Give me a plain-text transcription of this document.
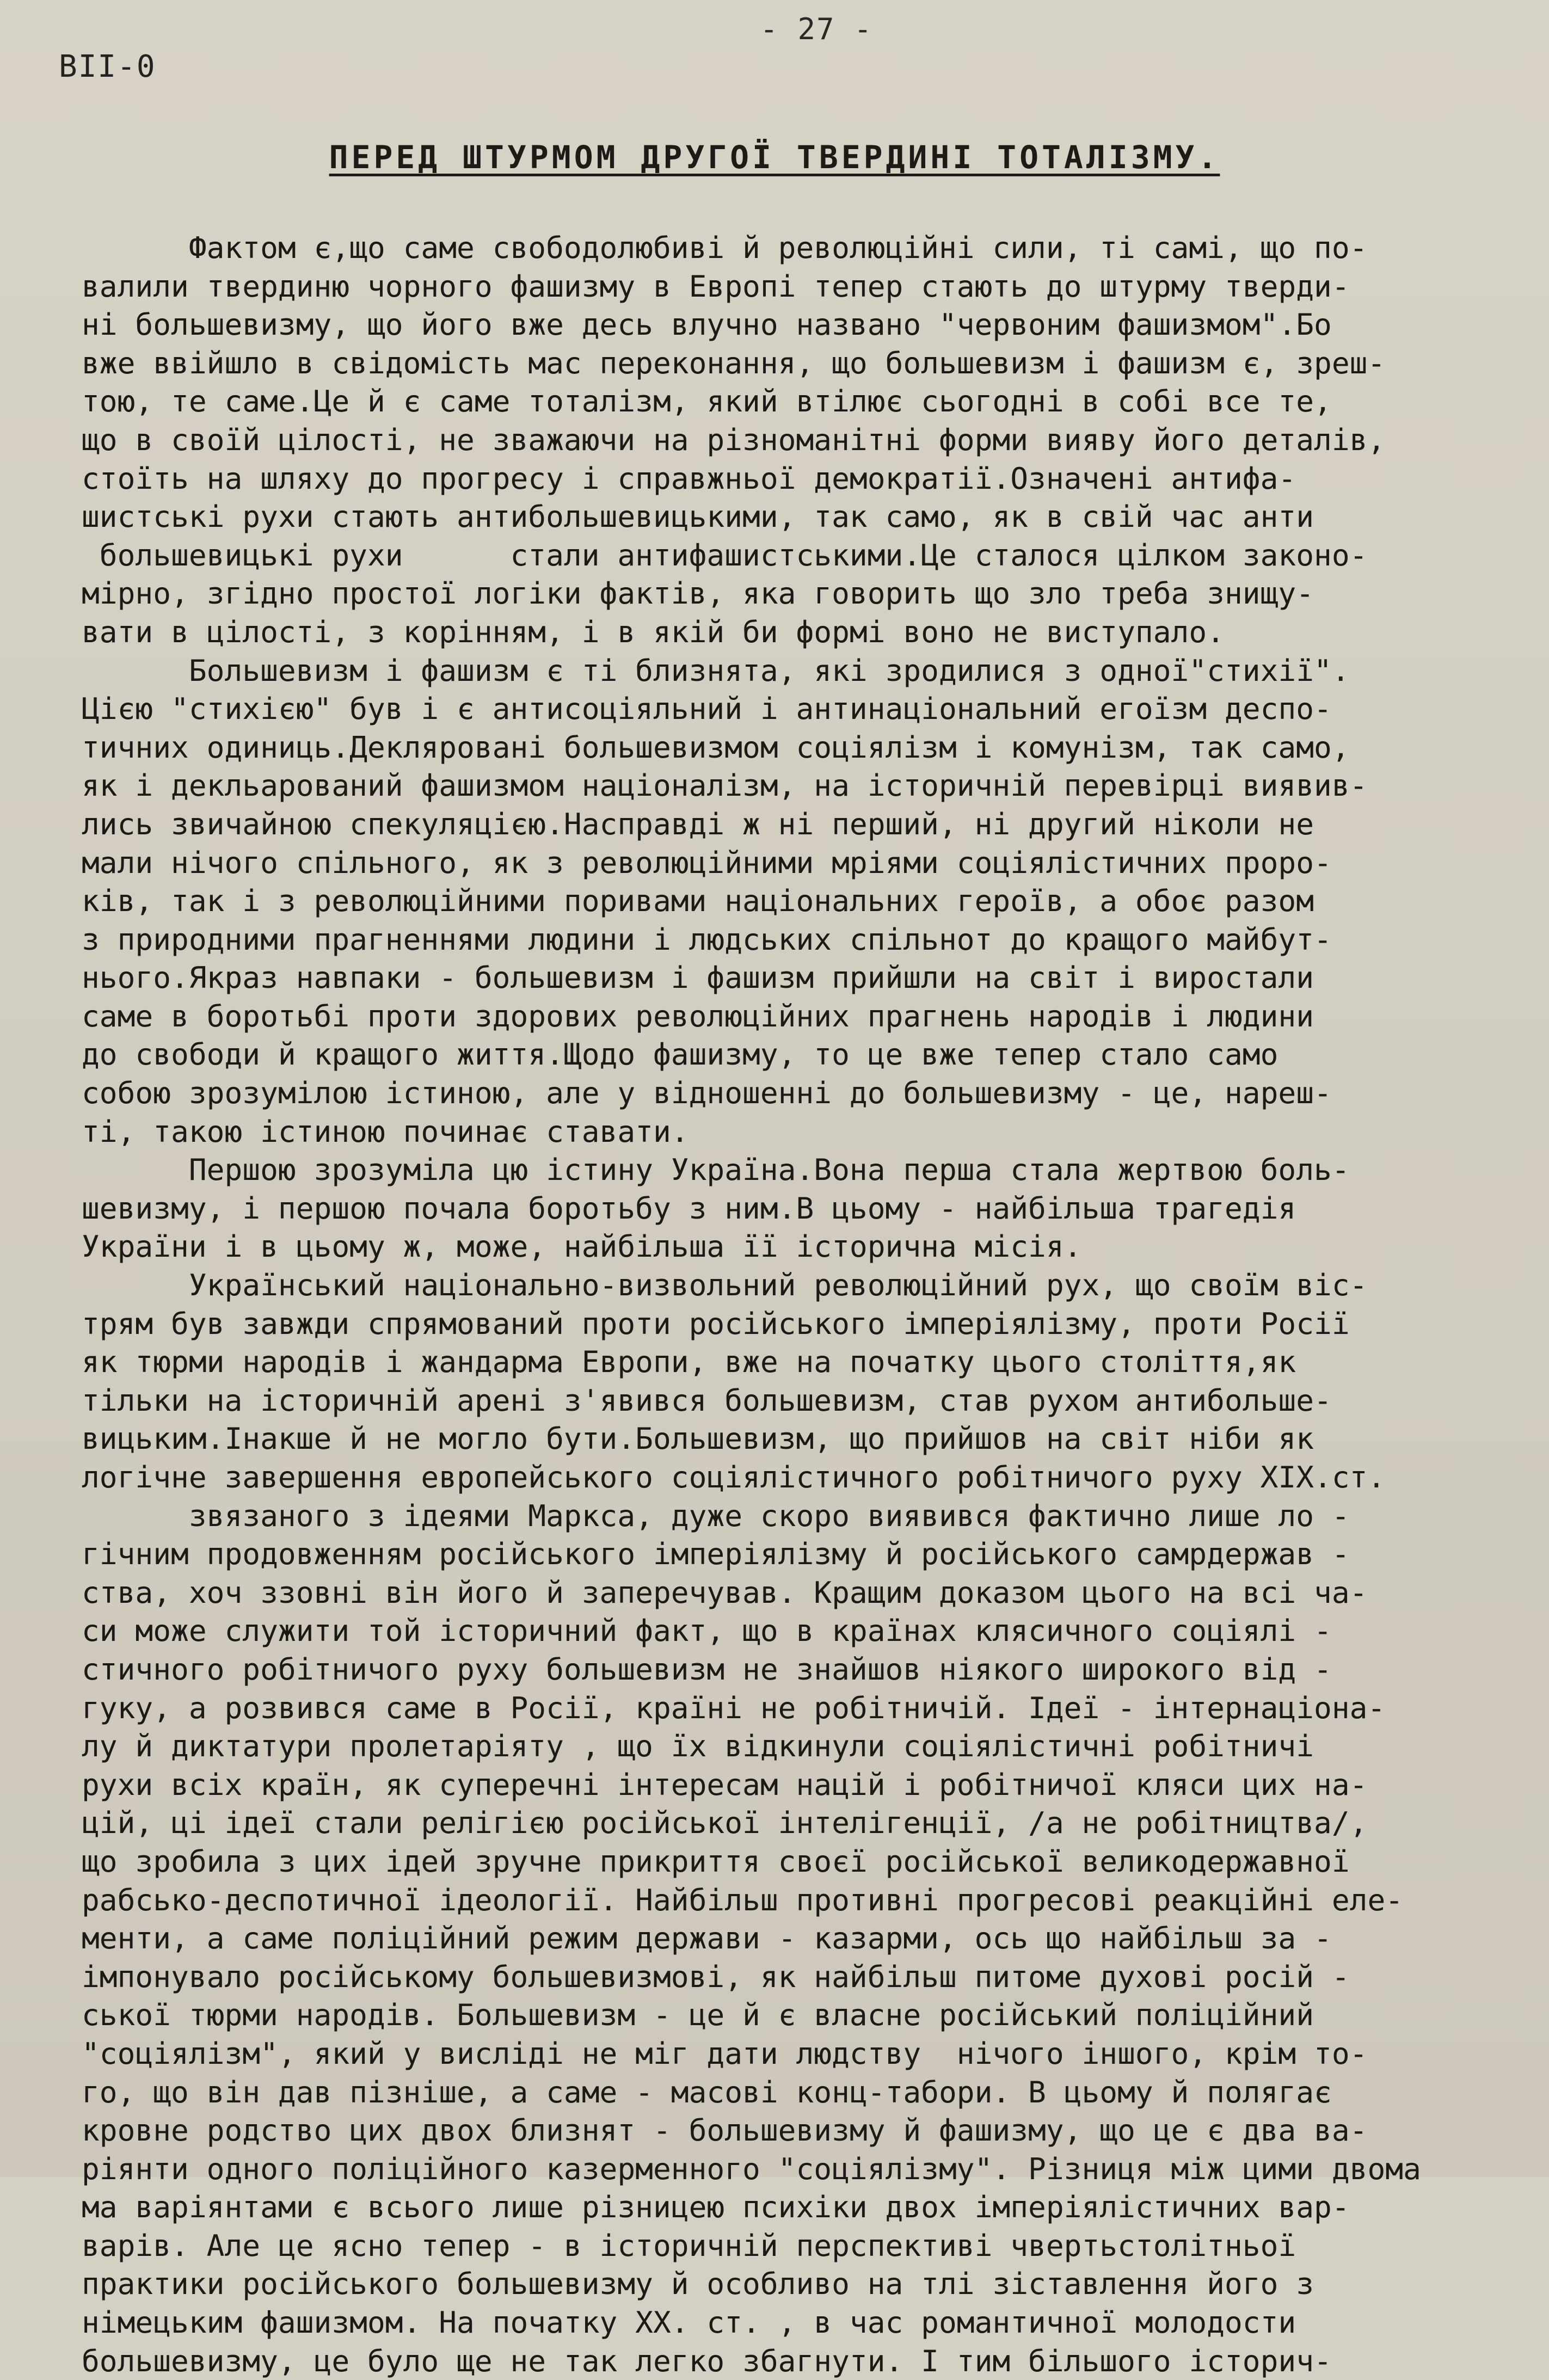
- 27 -
ВІІ-0
ПЕРЕД ШТУРМОМ ДРУГОЇ ТВЕРДИНІ ТОТАЛІЗМУ.
Фактом є,що саме свободолюбиві й революційні сили, ті самі, що по-
валили твердиню чорного фашизму в Европі тепер стають до штурму тверди-
ні большевизму, що його вже десь влучно названо "червоним фашизмом".Бо
вже ввійшло в свідомість мас переконання, що большевизм і фашизм є, зреш-
тою, те саме.Це й є саме тоталізм, який втілює сьогодні в собі все те,
що в своїй цілості, не зважаючи на різноманітні форми вияву його деталів,
стоїть на шляху до прогресу і справжньої демократії.Означені антифа-
шистські рухи стають антибольшевицькими, так само, як в свій час анти
большевицькі рухи      стали антифашистськими.Це сталося цілком законо-
мірно, згідно простої логіки фактів, яка говорить що зло треба знищу-
вати в цілості, з корінням, і в якій би формі воно не виступало.
Большевизм і фашизм є ті близнята, які зродилися з одної"стихії".
Цією "стихією" був і є антисоціяльний і антинаціональний егоїзм деспо-
тичних одиниць.Декляровані большевизмом соціялізм і комунізм, так само,
як і декльарований фашизмом націоналізм, на історичній перевірці виявив-
лись звичайною спекуляцією.Насправді ж ні перший, ні другий ніколи не
мали нічого спільного, як з революційними мріями соціялістичних проро-
ків, так і з революційними поривами національних героїв, а обоє разом
з природними прагненнями людини і людських спільнот до кращого майбут-
нього.Якраз навпаки - большевизм і фашизм прийшли на світ і виростали
саме в боротьбі проти здорових революційних прагнень народів і людини
до свободи й кращого життя.Щодо фашизму, то це вже тепер стало само
собою зрозумілою істиною, але у відношенні до большевизму - це, нареш-
ті, такою істиною починає ставати.
Першою зрозуміла цю істину Україна.Вона перша стала жертвою боль-
шевизму, і першою почала боротьбу з ним.В цьому - найбільша трагедія
України і в цьому ж, може, найбільша її історична місія.
Український національно-визвольний революційний рух, що своїм віс-
трям був завжди спрямований проти російського імперіялізму, проти Росії
як тюрми народів і жандарма Европи, вже на початку цього століття,як
тільки на історичній арені з'явився большевизм, став рухом антибольше-
вицьким.Інакше й не могло бути.Большевизм, що прийшов на світ ніби як
логічне завершення европейського соціялістичного робітничого руху XIX.ст.
звязаного з ідеями Маркса, дуже скоро виявився фактично лише ло -
гічним продовженням російського імперіялізму й російського самрдержав -
ства, хоч ззовні він його й заперечував. Кращим доказом цього на всі ча-
си може служити той історичний факт, що в країнах клясичного соціялі -
стичного робітничого руху большевизм не знайшов ніякого широкого від -
гуку, а розвився саме в Росії, країні не робітничій. Ідеї - інтернаціона-
лу й диктатури пролетаріяту , що їх відкинули соціялістичні робітничі
рухи всіх країн, як суперечні інтересам націй і робітничої кляси цих на-
цій, ці ідеї стали релігією російської інтелігенції, /а не робітництва/,
що зробила з цих ідей зручне прикриття своєї російської великодержавної
рабсько-деспотичної ідеології. Найбільш противні прогресові реакційні еле-
менти, а саме поліційний режим держави - казарми, ось що найбільш за -
імпонувало російському большевизмові, як найбільш питоме духові росій -
ської тюрми народів. Большевизм - це й є власне російський поліційний
"соціялізм", який у висліді не міг дати людству  нічого іншого, крім то-
го, що він дав пізніше, а саме - масові конц-табори. В цьому й полягає
кровне родство цих двох близнят - большевизму й фашизму, що це є два ва-
ріянти одного поліційного казерменного "соціялізму". Різниця між цими двома
ма варіянтами є всього лише різницею психіки двох імперіялістичних вар-
варів. Але це ясно тепер - в історичній перспективі чвертьстолітньої
практики російського большевизму й особливо на тлі зіставлення його з
німецьким фашизмом. На початку XX. ст. , в час романтичної молодости
большевизму, це було ще не так легко збагнути. І тим більшого історич-
